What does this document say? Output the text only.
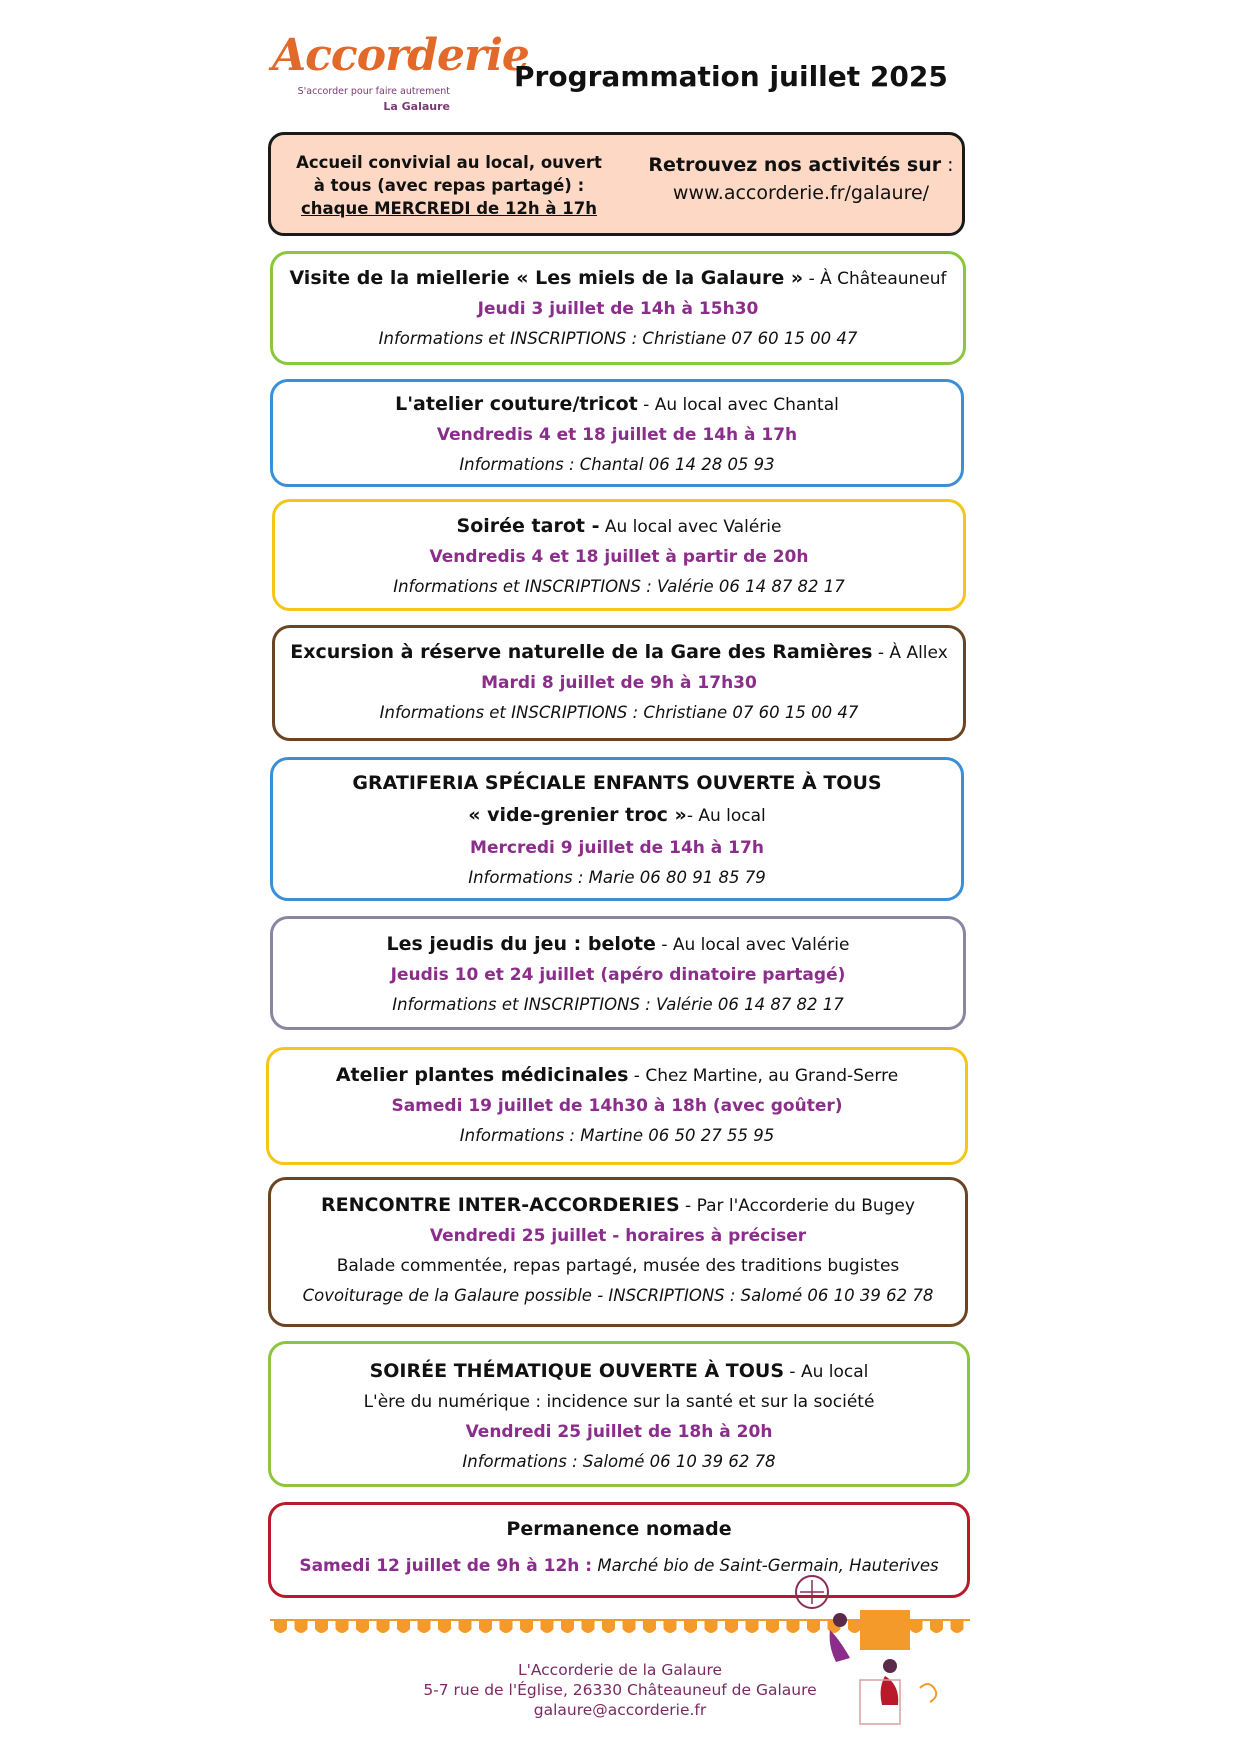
Accorderie
S'accorder pour faire autrement
La Galaure
Programmation juillet 2025
Accueil convivial au local, ouvert
à tous (avec repas partagé) :
chaque MERCREDI de 12h à 17h
Retrouvez nos activités sur :
www.accorderie.fr/galaure/
Visite de la miellerie « Les miels de la Galaure » - À Châteauneuf
Jeudi 3 juillet de 14h à 15h30
Informations et INSCRIPTIONS : Christiane 07 60 15 00 47
L'atelier couture/tricot - Au local avec Chantal
Vendredis 4 et 18 juillet de 14h à 17h
Informations : Chantal 06 14 28 05 93
Soirée tarot - Au local avec Valérie
Vendredis 4 et 18 juillet à partir de 20h
Informations et INSCRIPTIONS : Valérie 06 14 87 82 17
Excursion à réserve naturelle de la Gare des Ramières - À Allex
Mardi 8 juillet de 9h à 17h30
Informations et INSCRIPTIONS : Christiane 07 60 15 00 47
GRATIFERIA SPÉCIALE ENFANTS OUVERTE À TOUS
« vide-grenier troc »- Au local
Mercredi 9 juillet de 14h à 17h
Informations : Marie 06 80 91 85 79
Les jeudis du jeu : belote - Au local avec Valérie
Jeudis 10 et 24 juillet (apéro dinatoire partagé)
Informations et INSCRIPTIONS : Valérie 06 14 87 82 17
Atelier plantes médicinales - Chez Martine, au Grand-Serre
Samedi 19 juillet de 14h30 à 18h (avec goûter)
Informations : Martine 06 50 27 55 95
RENCONTRE INTER-ACCORDERIES - Par l'Accorderie du Bugey
Vendredi 25 juillet - horaires à préciser
Balade commentée, repas partagé, musée des traditions bugistes
Covoiturage de la Galaure possible - INSCRIPTIONS : Salomé 06 10 39 62 78
SOIRÉE THÉMATIQUE OUVERTE À TOUS - Au local
L'ère du numérique : incidence sur la santé et sur la société
Vendredi 25 juillet de 18h à 20h
Informations : Salomé 06 10 39 62 78
Permanence nomade
Samedi 12 juillet de 9h à 12h : Marché bio de Saint-Germain, Hauterives
L'Accorderie de la Galaure
5-7 rue de l'Église, 26330 Châteauneuf de Galaure
galaure@accorderie.fr
